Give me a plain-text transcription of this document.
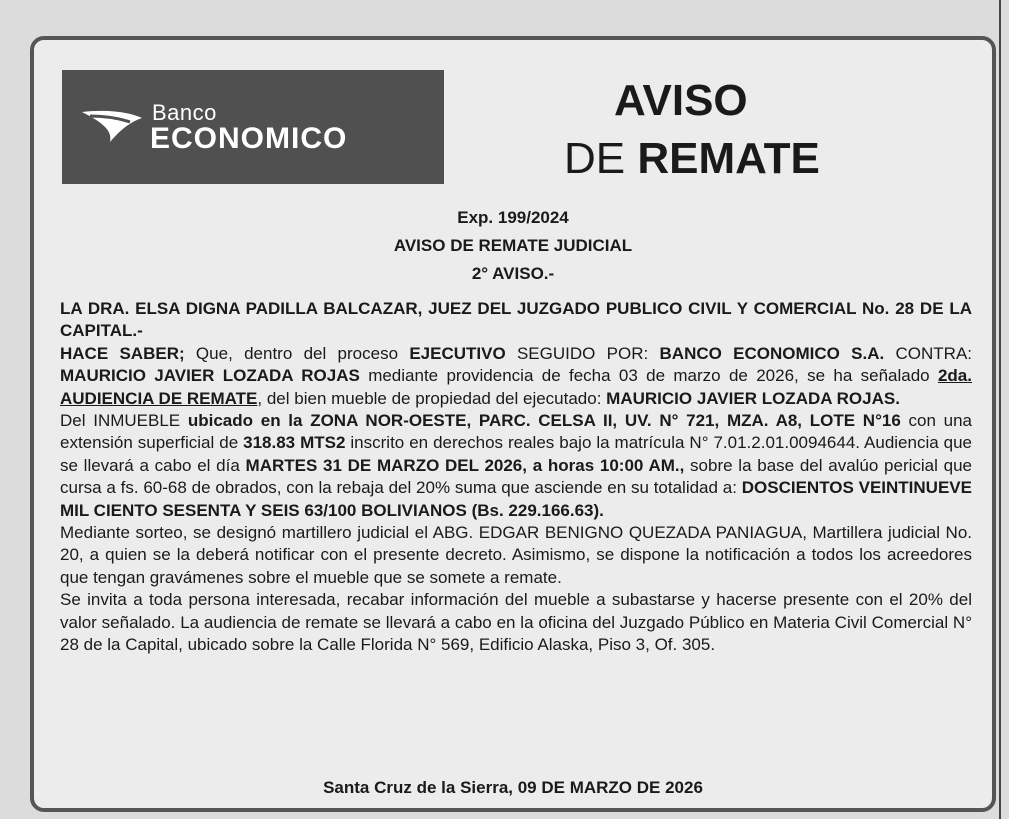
Banco
ECONOMICO
AVISO
DE REMATE
Exp. 199/2024
AVISO DE REMATE JUDICIAL
2° AVISO.-

LA DRA. ELSA DIGNA PADILLA BALCAZAR, JUEZ DEL JUZGADO PUBLICO CIVIL Y COMERCIAL No. 28 DE LA CAPITAL.-

HACE SABER; Que, dentro del proceso EJECUTIVO SEGUIDO POR: BANCO ECONOMICO S.A. CONTRA: MAURICIO JAVIER LOZADA ROJAS mediante providencia de fecha 03 de marzo de 2026, se ha señalado 2da. AUDIENCIA DE REMATE, del bien mueble de propiedad del ejecutado: MAURICIO JAVIER LOZADA ROJAS.

Del INMUEBLE ubicado en la ZONA NOR-OESTE, PARC. CELSA II, UV. N° 721, MZA. A8, LOTE N°16 con una extensión superficial de 318.83 MTS2 inscrito en derechos reales bajo la matrícula N° 7.01.2.01.0094644. Audiencia que se llevará a cabo el día MARTES 31 DE MARZO DEL 2026, a horas 10:00 AM., sobre la base del avalúo pericial que cursa a fs. 60-68 de obrados, con la rebaja del 20% suma que asciende en su totalidad a: DOSCIENTOS VEINTINUEVE MIL CIENTO SESENTA Y SEIS 63/100 BOLIVIANOS (Bs. 229.166.63).

Mediante sorteo, se designó martillero judicial el ABG. EDGAR BENIGNO QUEZADA PANIAGUA, Martillera judicial No. 20, a quien se la deberá notificar con el presente decreto. Asimismo, se dispone la notificación a todos los acreedores que tengan gravámenes sobre el mueble que se somete a remate.

Se invita a toda persona interesada, recabar información del mueble a subastarse y hacerse presente con el 20% del valor señalado. La audiencia de remate se llevará a cabo en la oficina del Juzgado Público en Materia Civil Comercial N° 28 de la Capital, ubicado sobre la Calle Florida N° 569, Edificio Alaska, Piso 3, Of. 305.

Santa Cruz de la Sierra, 09 DE MARZO DE 2026
